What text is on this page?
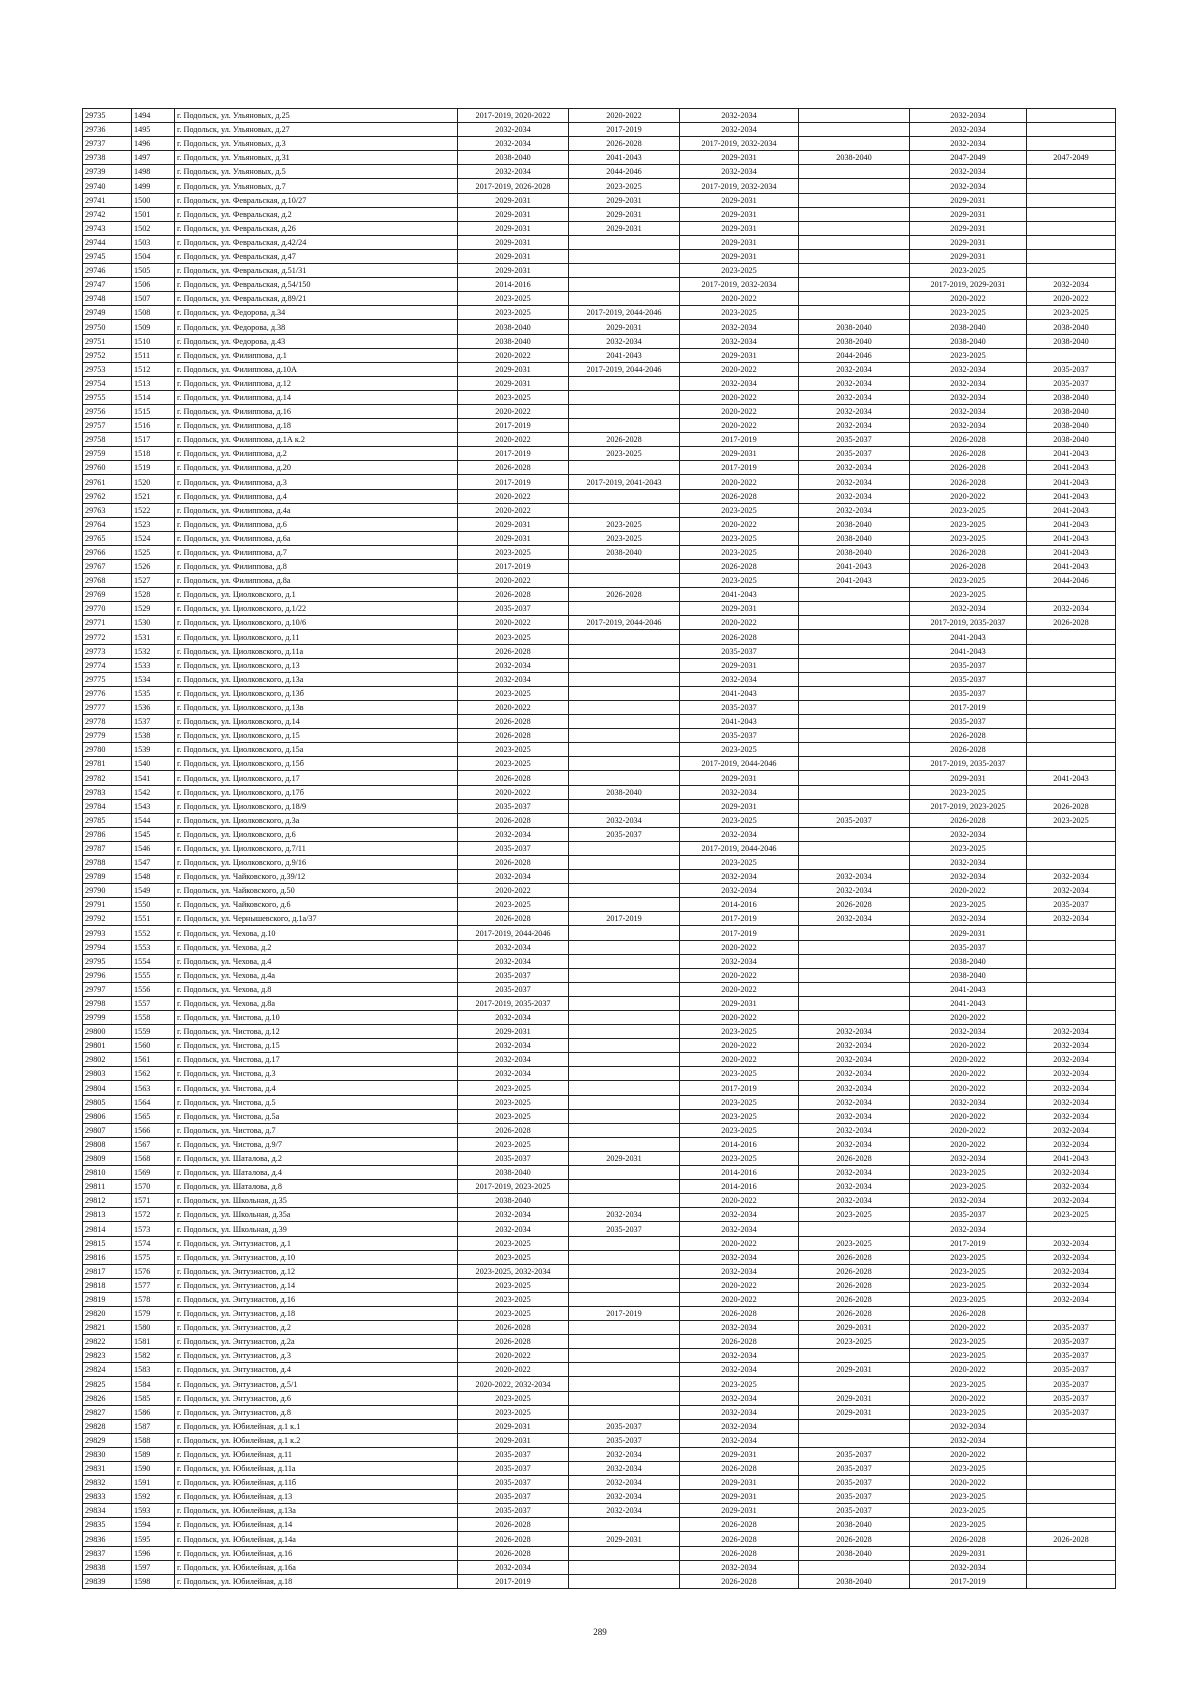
29735	1494	г. Подольск, ул. Ульяновых, д.25	2017-2019, 2020-2022	2020-2022	2032-2034		2032-2034	
29736	1495	г. Подольск, ул. Ульяновых, д.27	2032-2034	2017-2019	2032-2034		2032-2034	
29737	1496	г. Подольск, ул. Ульяновых, д.3	2032-2034	2026-2028	2017-2019, 2032-2034		2032-2034	
29738	1497	г. Подольск, ул. Ульяновых, д.31	2038-2040	2041-2043	2029-2031	2038-2040	2047-2049	2047-2049
29739	1498	г. Подольск, ул. Ульяновых, д.5	2032-2034	2044-2046	2032-2034		2032-2034	
29740	1499	г. Подольск, ул. Ульяновых, д.7	2017-2019, 2026-2028	2023-2025	2017-2019, 2032-2034		2032-2034	
29741	1500	г. Подольск, ул. Февральская, д.10/27	2029-2031	2029-2031	2029-2031		2029-2031	
29742	1501	г. Подольск, ул. Февральская, д.2	2029-2031	2029-2031	2029-2031		2029-2031	
29743	1502	г. Подольск, ул. Февральская, д.26	2029-2031	2029-2031	2029-2031		2029-2031	
29744	1503	г. Подольск, ул. Февральская, д.42/24	2029-2031		2029-2031		2029-2031	
29745	1504	г. Подольск, ул. Февральская, д.47	2029-2031		2029-2031		2029-2031	
29746	1505	г. Подольск, ул. Февральская, д.51/31	2029-2031		2023-2025		2023-2025	
29747	1506	г. Подольск, ул. Февральская, д.54/150	2014-2016		2017-2019, 2032-2034		2017-2019, 2029-2031	2032-2034
29748	1507	г. Подольск, ул. Февральская, д.89/21	2023-2025		2020-2022		2020-2022	2020-2022
29749	1508	г. Подольск, ул. Федорова, д.34	2023-2025	2017-2019, 2044-2046	2023-2025		2023-2025	2023-2025
29750	1509	г. Подольск, ул. Федорова, д.38	2038-2040	2029-2031	2032-2034	2038-2040	2038-2040	2038-2040
29751	1510	г. Подольск, ул. Федорова, д.43	2038-2040	2032-2034	2032-2034	2038-2040	2038-2040	2038-2040
29752	1511	г. Подольск, ул. Филиппова, д.1	2020-2022	2041-2043	2029-2031	2044-2046	2023-2025	
29753	1512	г. Подольск, ул. Филиппова, д.10А	2029-2031	2017-2019, 2044-2046	2020-2022	2032-2034	2032-2034	2035-2037
29754	1513	г. Подольск, ул. Филиппова, д.12	2029-2031		2032-2034	2032-2034	2032-2034	2035-2037
29755	1514	г. Подольск, ул. Филиппова, д.14	2023-2025		2020-2022	2032-2034	2032-2034	2038-2040
29756	1515	г. Подольск, ул. Филиппова, д.16	2020-2022		2020-2022	2032-2034	2032-2034	2038-2040
29757	1516	г. Подольск, ул. Филиппова, д.18	2017-2019		2020-2022	2032-2034	2032-2034	2038-2040
29758	1517	г. Подольск, ул. Филиппова, д.1А к.2	2020-2022	2026-2028	2017-2019	2035-2037	2026-2028	2038-2040
29759	1518	г. Подольск, ул. Филиппова, д.2	2017-2019	2023-2025	2029-2031	2035-2037	2026-2028	2041-2043
29760	1519	г. Подольск, ул. Филиппова, д.20	2026-2028		2017-2019	2032-2034	2026-2028	2041-2043
29761	1520	г. Подольск, ул. Филиппова, д.3	2017-2019	2017-2019, 2041-2043	2020-2022	2032-2034	2026-2028	2041-2043
29762	1521	г. Подольск, ул. Филиппова, д.4	2020-2022		2026-2028	2032-2034	2020-2022	2041-2043
29763	1522	г. Подольск, ул. Филиппова, д.4а	2020-2022		2023-2025	2032-2034	2023-2025	2041-2043
29764	1523	г. Подольск, ул. Филиппова, д.6	2029-2031	2023-2025	2020-2022	2038-2040	2023-2025	2041-2043
29765	1524	г. Подольск, ул. Филиппова, д.6а	2029-2031	2023-2025	2023-2025	2038-2040	2023-2025	2041-2043
29766	1525	г. Подольск, ул. Филиппова, д.7	2023-2025	2038-2040	2023-2025	2038-2040	2026-2028	2041-2043
29767	1526	г. Подольск, ул. Филиппова, д.8	2017-2019		2026-2028	2041-2043	2026-2028	2041-2043
29768	1527	г. Подольск, ул. Филиппова, д.8а	2020-2022		2023-2025	2041-2043	2023-2025	2044-2046
29769	1528	г. Подольск, ул. Циолковского, д.1	2026-2028	2026-2028	2041-2043		2023-2025	
29770	1529	г. Подольск, ул. Циолковского, д.1/22	2035-2037		2029-2031		2032-2034	2032-2034
29771	1530	г. Подольск, ул. Циолковского, д.10/6	2020-2022	2017-2019, 2044-2046	2020-2022		2017-2019, 2035-2037	2026-2028
29772	1531	г. Подольск, ул. Циолковского, д.11	2023-2025		2026-2028		2041-2043	
29773	1532	г. Подольск, ул. Циолковского, д.11а	2026-2028		2035-2037		2041-2043	
29774	1533	г. Подольск, ул. Циолковского, д.13	2032-2034		2029-2031		2035-2037	
29775	1534	г. Подольск, ул. Циолковского, д.13а	2032-2034		2032-2034		2035-2037	
29776	1535	г. Подольск, ул. Циолковского, д.13б	2023-2025		2041-2043		2035-2037	
29777	1536	г. Подольск, ул. Циолковского, д.13в	2020-2022		2035-2037		2017-2019	
29778	1537	г. Подольск, ул. Циолковского, д.14	2026-2028		2041-2043		2035-2037	
29779	1538	г. Подольск, ул. Циолковского, д.15	2026-2028		2035-2037		2026-2028	
29780	1539	г. Подольск, ул. Циолковского, д.15а	2023-2025		2023-2025		2026-2028	
29781	1540	г. Подольск, ул. Циолковского, д.15б	2023-2025		2017-2019, 2044-2046		2017-2019, 2035-2037	
29782	1541	г. Подольск, ул. Циолковского, д.17	2026-2028		2029-2031		2029-2031	2041-2043
29783	1542	г. Подольск, ул. Циолковского, д.17б	2020-2022	2038-2040	2032-2034		2023-2025	
29784	1543	г. Подольск, ул. Циолковского, д.18/9	2035-2037		2029-2031		2017-2019, 2023-2025	2026-2028
29785	1544	г. Подольск, ул. Циолковского, д.3а	2026-2028	2032-2034	2023-2025	2035-2037	2026-2028	2023-2025
29786	1545	г. Подольск, ул. Циолковского, д.6	2032-2034	2035-2037	2032-2034		2032-2034	
29787	1546	г. Подольск, ул. Циолковского, д.7/11	2035-2037		2017-2019, 2044-2046		2023-2025	
29788	1547	г. Подольск, ул. Циолковского, д.9/16	2026-2028		2023-2025		2032-2034	
29789	1548	г. Подольск, ул. Чайковского, д.39/12	2032-2034		2032-2034	2032-2034	2032-2034	2032-2034
29790	1549	г. Подольск, ул. Чайковского, д.50	2020-2022		2032-2034	2032-2034	2020-2022	2032-2034
29791	1550	г. Подольск, ул. Чайковского, д.6	2023-2025		2014-2016	2026-2028	2023-2025	2035-2037
29792	1551	г. Подольск, ул. Чернышевского, д.1а/37	2026-2028	2017-2019	2017-2019	2032-2034	2032-2034	2032-2034
29793	1552	г. Подольск, ул. Чехова, д.10	2017-2019, 2044-2046		2017-2019		2029-2031	
29794	1553	г. Подольск, ул. Чехова, д.2	2032-2034		2020-2022		2035-2037	
29795	1554	г. Подольск, ул. Чехова, д.4	2032-2034		2032-2034		2038-2040	
29796	1555	г. Подольск, ул. Чехова, д.4а	2035-2037		2020-2022		2038-2040	
29797	1556	г. Подольск, ул. Чехова, д.8	2035-2037		2020-2022		2041-2043	
29798	1557	г. Подольск, ул. Чехова, д.8а	2017-2019, 2035-2037		2029-2031		2041-2043	
29799	1558	г. Подольск, ул. Чистова, д.10	2032-2034		2020-2022		2020-2022	
29800	1559	г. Подольск, ул. Чистова, д.12	2029-2031		2023-2025	2032-2034	2032-2034	2032-2034
29801	1560	г. Подольск, ул. Чистова, д.15	2032-2034		2020-2022	2032-2034	2020-2022	2032-2034
29802	1561	г. Подольск, ул. Чистова, д.17	2032-2034		2020-2022	2032-2034	2020-2022	2032-2034
29803	1562	г. Подольск, ул. Чистова, д.3	2032-2034		2023-2025	2032-2034	2020-2022	2032-2034
29804	1563	г. Подольск, ул. Чистова, д.4	2023-2025		2017-2019	2032-2034	2020-2022	2032-2034
29805	1564	г. Подольск, ул. Чистова, д.5	2023-2025		2023-2025	2032-2034	2032-2034	2032-2034
29806	1565	г. Подольск, ул. Чистова, д.5а	2023-2025		2023-2025	2032-2034	2020-2022	2032-2034
29807	1566	г. Подольск, ул. Чистова, д.7	2026-2028		2023-2025	2032-2034	2020-2022	2032-2034
29808	1567	г. Подольск, ул. Чистова, д.9/7	2023-2025		2014-2016	2032-2034	2020-2022	2032-2034
29809	1568	г. Подольск, ул. Шаталова, д.2	2035-2037	2029-2031	2023-2025	2026-2028	2032-2034	2041-2043
29810	1569	г. Подольск, ул. Шаталова, д.4	2038-2040		2014-2016	2032-2034	2023-2025	2032-2034
29811	1570	г. Подольск, ул. Шаталова, д.8	2017-2019, 2023-2025		2014-2016	2032-2034	2023-2025	2032-2034
29812	1571	г. Подольск, ул. Школьная, д.35	2038-2040		2020-2022	2032-2034	2032-2034	2032-2034
29813	1572	г. Подольск, ул. Школьная, д.35а	2032-2034	2032-2034	2032-2034	2023-2025	2035-2037	2023-2025
29814	1573	г. Подольск, ул. Школьная, д.39	2032-2034	2035-2037	2032-2034		2032-2034	
29815	1574	г. Подольск, ул. Энтузиастов, д.1	2023-2025		2020-2022	2023-2025	2017-2019	2032-2034
29816	1575	г. Подольск, ул. Энтузиастов, д.10	2023-2025		2032-2034	2026-2028	2023-2025	2032-2034
29817	1576	г. Подольск, ул. Энтузиастов, д.12	2023-2025, 2032-2034		2032-2034	2026-2028	2023-2025	2032-2034
29818	1577	г. Подольск, ул. Энтузиастов, д.14	2023-2025		2020-2022	2026-2028	2023-2025	2032-2034
29819	1578	г. Подольск, ул. Энтузиастов, д.16	2023-2025		2020-2022	2026-2028	2023-2025	2032-2034
29820	1579	г. Подольск, ул. Энтузиастов, д.18	2023-2025	2017-2019	2026-2028	2026-2028	2026-2028	
29821	1580	г. Подольск, ул. Энтузиастов, д.2	2026-2028		2032-2034	2029-2031	2020-2022	2035-2037
29822	1581	г. Подольск, ул. Энтузиастов, д.2а	2026-2028		2026-2028	2023-2025	2023-2025	2035-2037
29823	1582	г. Подольск, ул. Энтузиастов, д.3	2020-2022		2032-2034		2023-2025	2035-2037
29824	1583	г. Подольск, ул. Энтузиастов, д.4	2020-2022		2032-2034	2029-2031	2020-2022	2035-2037
29825	1584	г. Подольск, ул. Энтузиастов, д.5/1	2020-2022, 2032-2034		2023-2025		2023-2025	2035-2037
29826	1585	г. Подольск, ул. Энтузиастов, д.6	2023-2025		2032-2034	2029-2031	2020-2022	2035-2037
29827	1586	г. Подольск, ул. Энтузиастов, д.8	2023-2025		2032-2034	2029-2031	2023-2025	2035-2037
29828	1587	г. Подольск, ул. Юбилейная, д.1 к.1	2029-2031	2035-2037	2032-2034		2032-2034	
29829	1588	г. Подольск, ул. Юбилейная, д.1 к.2	2029-2031	2035-2037	2032-2034		2032-2034	
29830	1589	г. Подольск, ул. Юбилейная, д.11	2035-2037	2032-2034	2029-2031	2035-2037	2020-2022	
29831	1590	г. Подольск, ул. Юбилейная, д.11а	2035-2037	2032-2034	2026-2028	2035-2037	2023-2025	
29832	1591	г. Подольск, ул. Юбилейная, д.11б	2035-2037	2032-2034	2029-2031	2035-2037	2020-2022	
29833	1592	г. Подольск, ул. Юбилейная, д.13	2035-2037	2032-2034	2029-2031	2035-2037	2023-2025	
29834	1593	г. Подольск, ул. Юбилейная, д.13а	2035-2037	2032-2034	2029-2031	2035-2037	2023-2025	
29835	1594	г. Подольск, ул. Юбилейная, д.14	2026-2028		2026-2028	2038-2040	2023-2025	
29836	1595	г. Подольск, ул. Юбилейная, д.14а	2026-2028	2029-2031	2026-2028	2026-2028	2026-2028	2026-2028
29837	1596	г. Подольск, ул. Юбилейная, д.16	2026-2028		2026-2028	2038-2040	2029-2031	
29838	1597	г. Подольск, ул. Юбилейная, д.16а	2032-2034		2032-2034		2032-2034	
29839	1598	г. Подольск, ул. Юбилейная, д.18	2017-2019		2026-2028	2038-2040	2017-2019	
289
